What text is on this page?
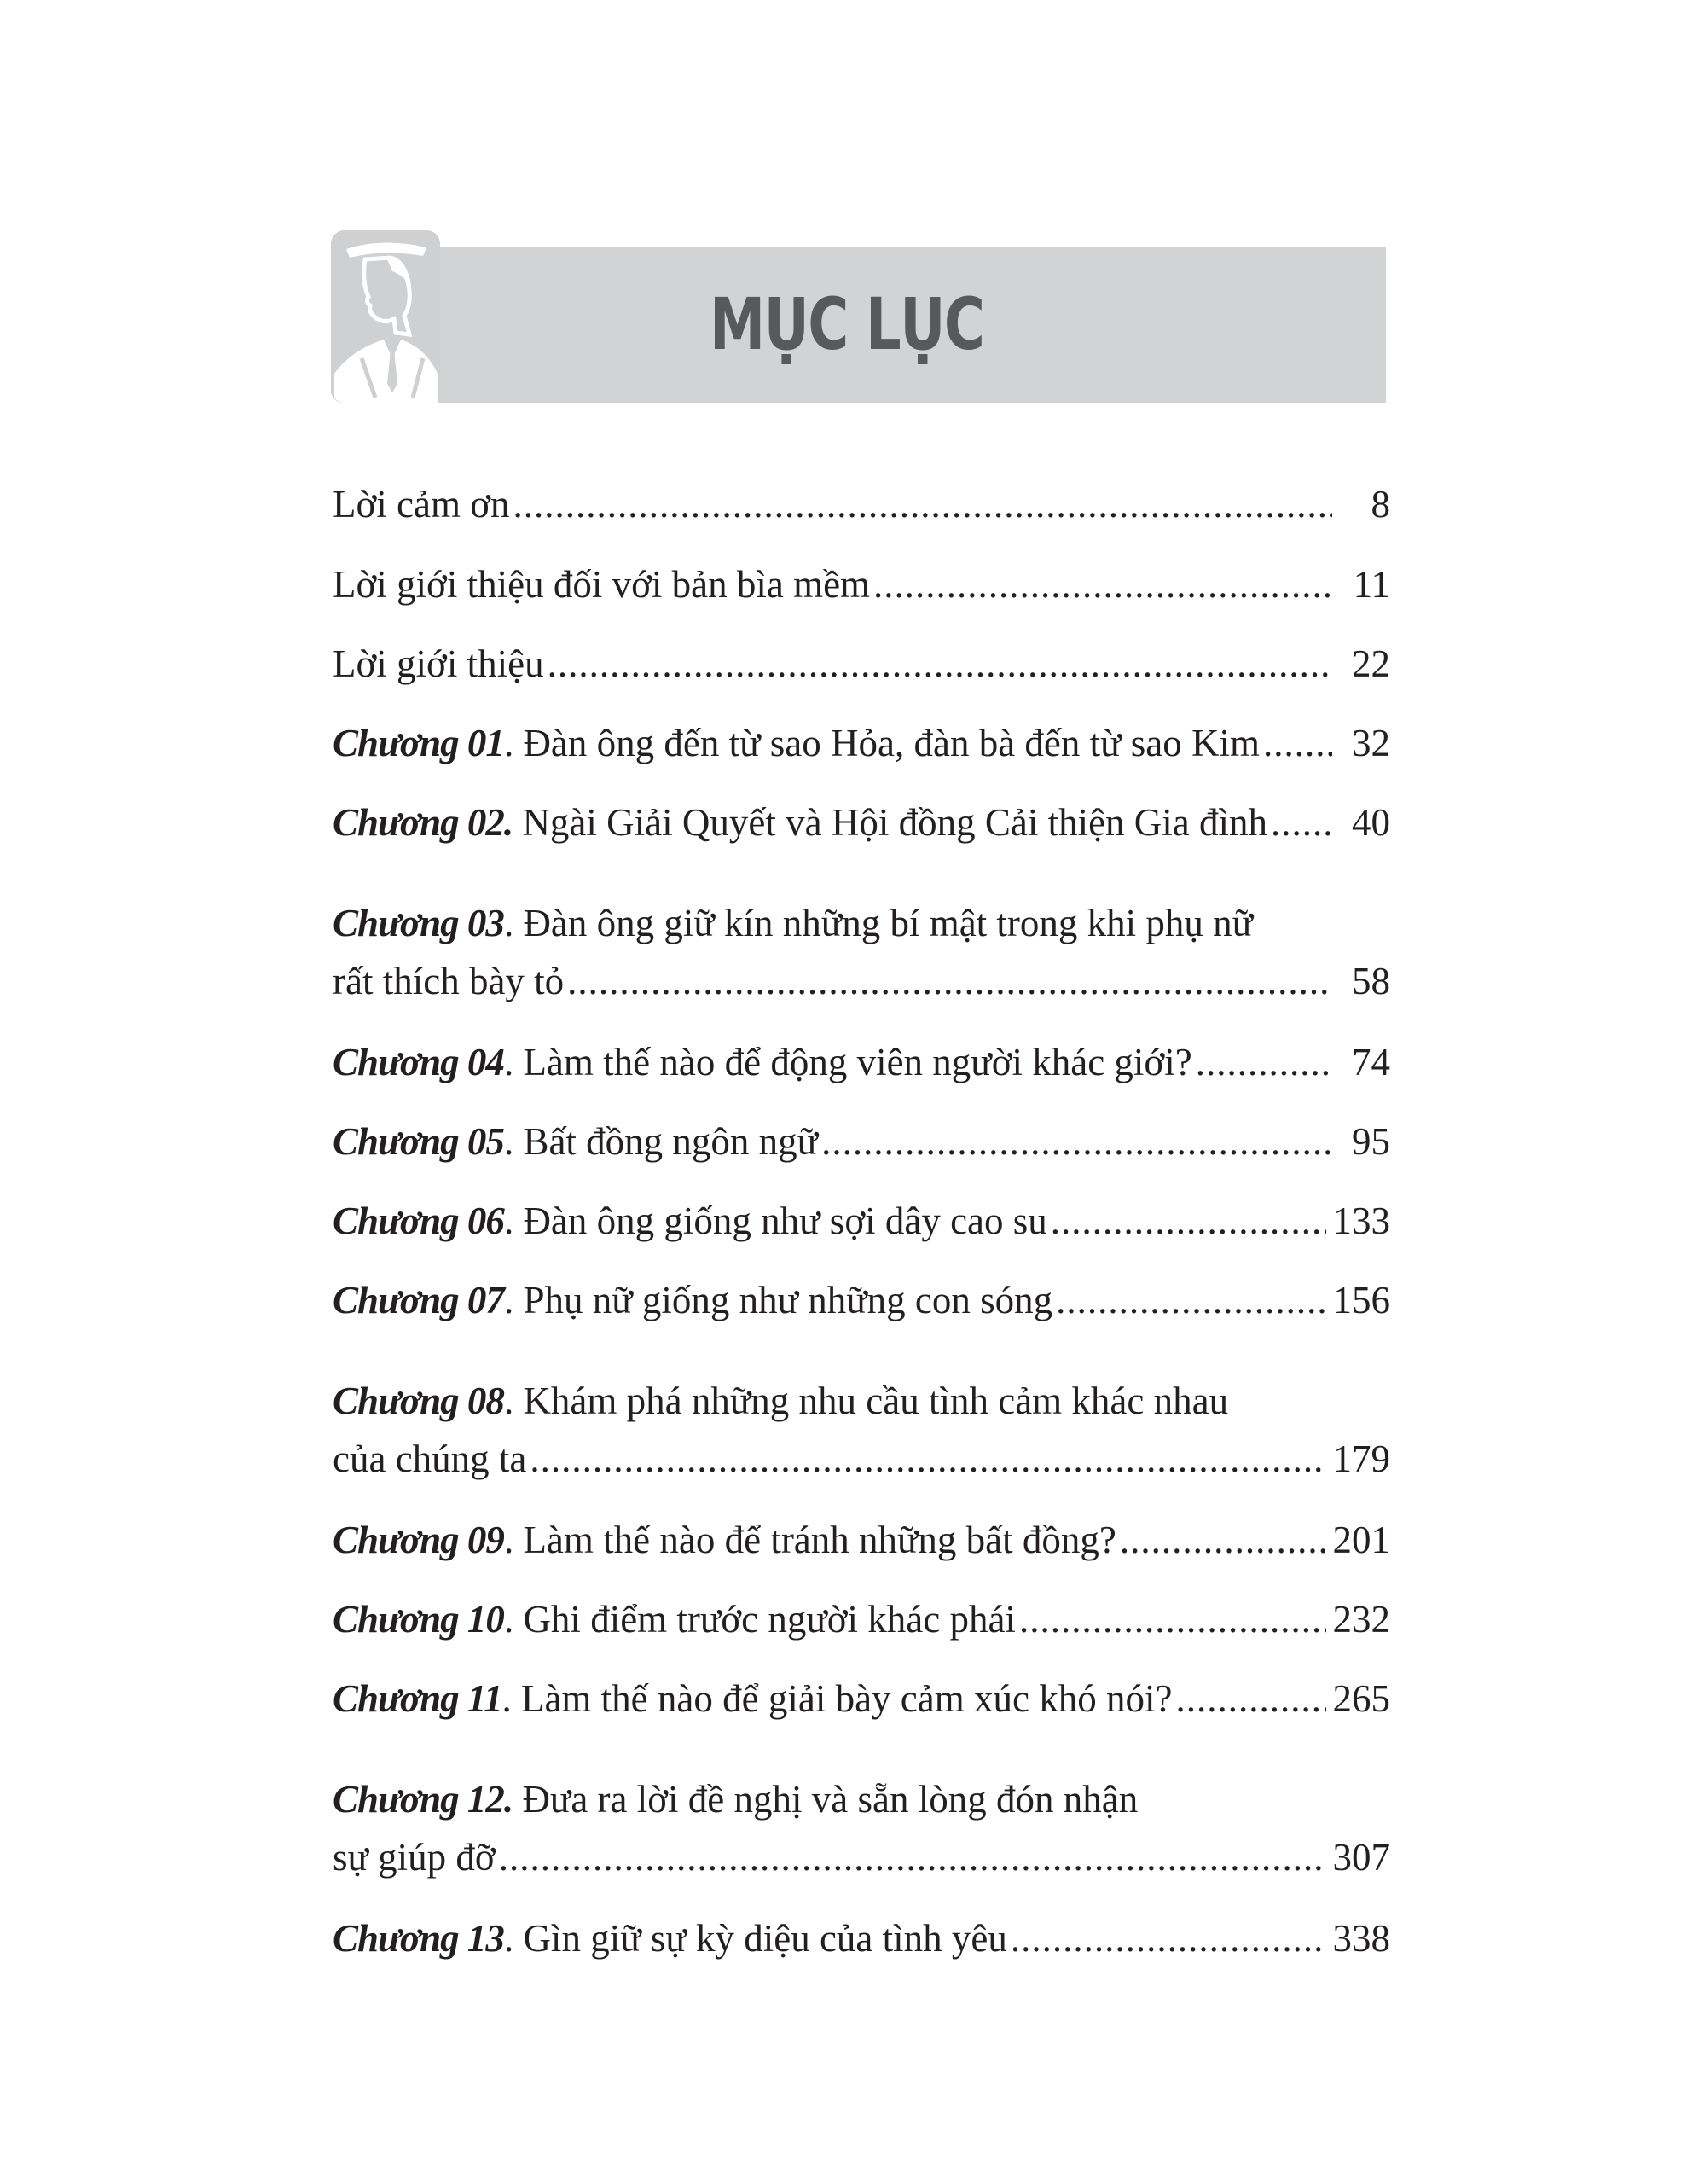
MỤC LỤC
Lời cảm ơn .....	8
Lời giới thiệu đối với bản bìa mềm .....	11
Lời giới thiệu .....	22
Chương 01. Đàn ông đến từ sao Hỏa, đàn bà đến từ sao Kim .....	32
Chương 02. Ngài Giải Quyết và Hội đồng Cải thiện Gia đình .....	40
Chương 03. Đàn ông giữ kín những bí mật trong khi phụ nữ
rất thích bày tỏ .....	58
Chương 04. Làm thế nào để động viên người khác giới? .....	74
Chương 05. Bất đồng ngôn ngữ .....	95
Chương 06. Đàn ông giống như sợi dây cao su .....	133
Chương 07. Phụ nữ giống như những con sóng .....	156
Chương 08. Khám phá những nhu cầu tình cảm khác nhau
của chúng ta .....	179
Chương 09. Làm thế nào để tránh những bất đồng? .....	201
Chương 10. Ghi điểm trước người khác phái .....	232
Chương 11. Làm thế nào để giải bày cảm xúc khó nói? .....	265
Chương 12. Đưa ra lời đề nghị và sẵn lòng đón nhận
sự giúp đỡ .....	307
Chương 13. Gìn giữ sự kỳ diệu của tình yêu .....	338
